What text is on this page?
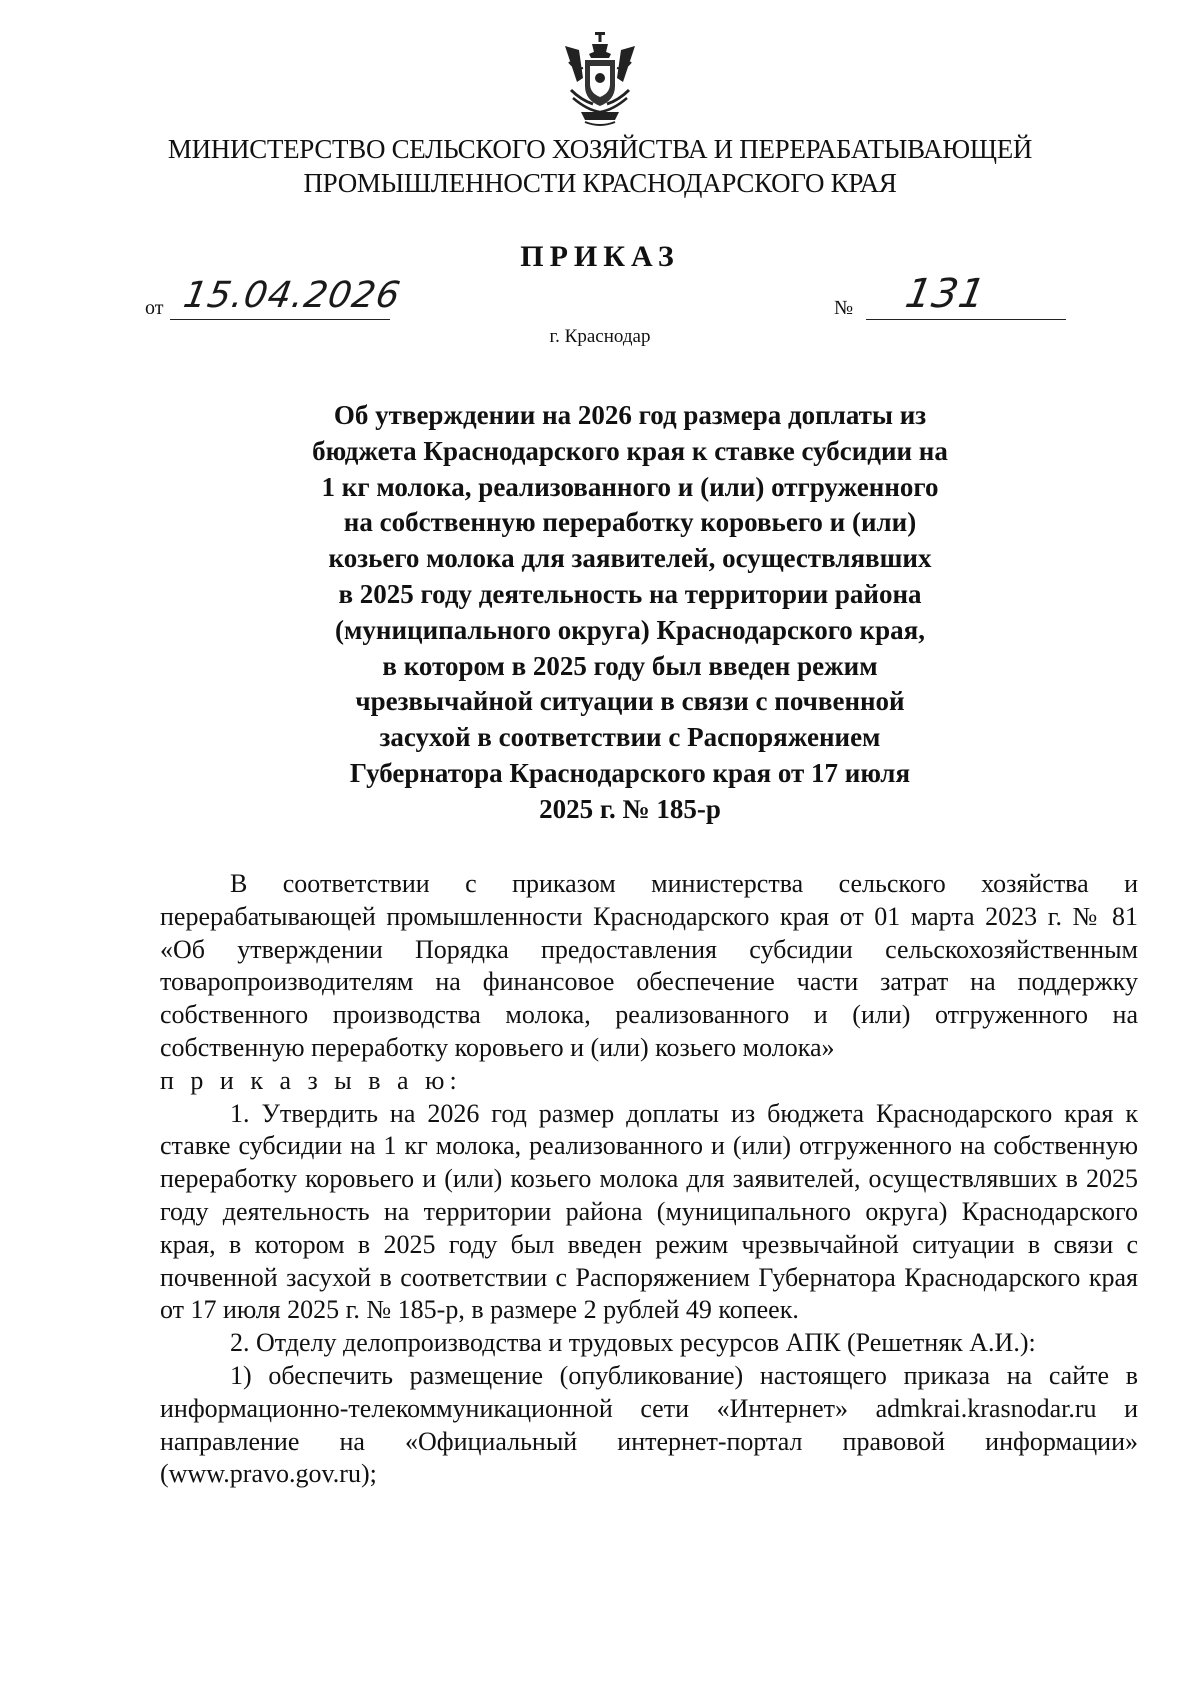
МИНИСТЕРСТВО СЕЛЬСКОГО ХОЗЯЙСТВА И ПЕРЕРАБАТЫВАЮЩЕЙ
ПРОМЫШЛЕННОСТИ КРАСНОДАРСКОГО КРАЯ
ПРИКАЗ
от 15.04.2026	№ 131
г. Краснодар
Об утверждении на 2026 год размера доплаты из
бюджета Краснодарского края к ставке субсидии на
1 кг молока, реализованного и (или) отгруженного
на собственную переработку коровьего и (или)
козьего молока для заявителей, осуществлявших
в 2025 году деятельность на территории района
(муниципального округа) Краснодарского края,
в котором в 2025 году был введен режим
чрезвычайной ситуации в связи с почвенной
засухой в соответствии с Распоряжением
Губернатора Краснодарского края от 17 июля
2025 г. № 185-р

В соответствии с приказом министерства сельского хозяйства и перерабатывающей промышленности Краснодарского края от 01 марта 2023 г. № 81 «Об утверждении Порядка предоставления субсидии сельскохозяйственным товаропроизводителям на финансовое обеспечение части затрат на поддержку собственного производства молока, реализованного и (или) отгруженного на собственную переработку коровьего и (или) козьего молока»

п р и к а з ы в а ю:

1. Утвердить на 2026 год размер доплаты из бюджета Краснодарского края к ставке субсидии на 1 кг молока, реализованного и (или) отгруженного на собственную переработку коровьего и (или) козьего молока для заявителей, осуществлявших в 2025 году деятельность на территории района (муниципального округа) Краснодарского края, в котором в 2025 году был введен режим чрезвычайной ситуации в связи с почвенной засухой в соответствии с Распоряжением Губернатора Краснодарского края от 17 июля 2025 г. № 185-р, в размере 2 рублей 49 копеек.

2. Отделу делопроизводства и трудовых ресурсов АПК (Решетняк А.И.):

1) обеспечить размещение (опубликование) настоящего приказа на сайте в информационно-телекоммуникационной сети «Интернет» admkrai.krasnodar.ru и направление на «Официальный интернет-портал правовой информации» (www.pravo.gov.ru);
